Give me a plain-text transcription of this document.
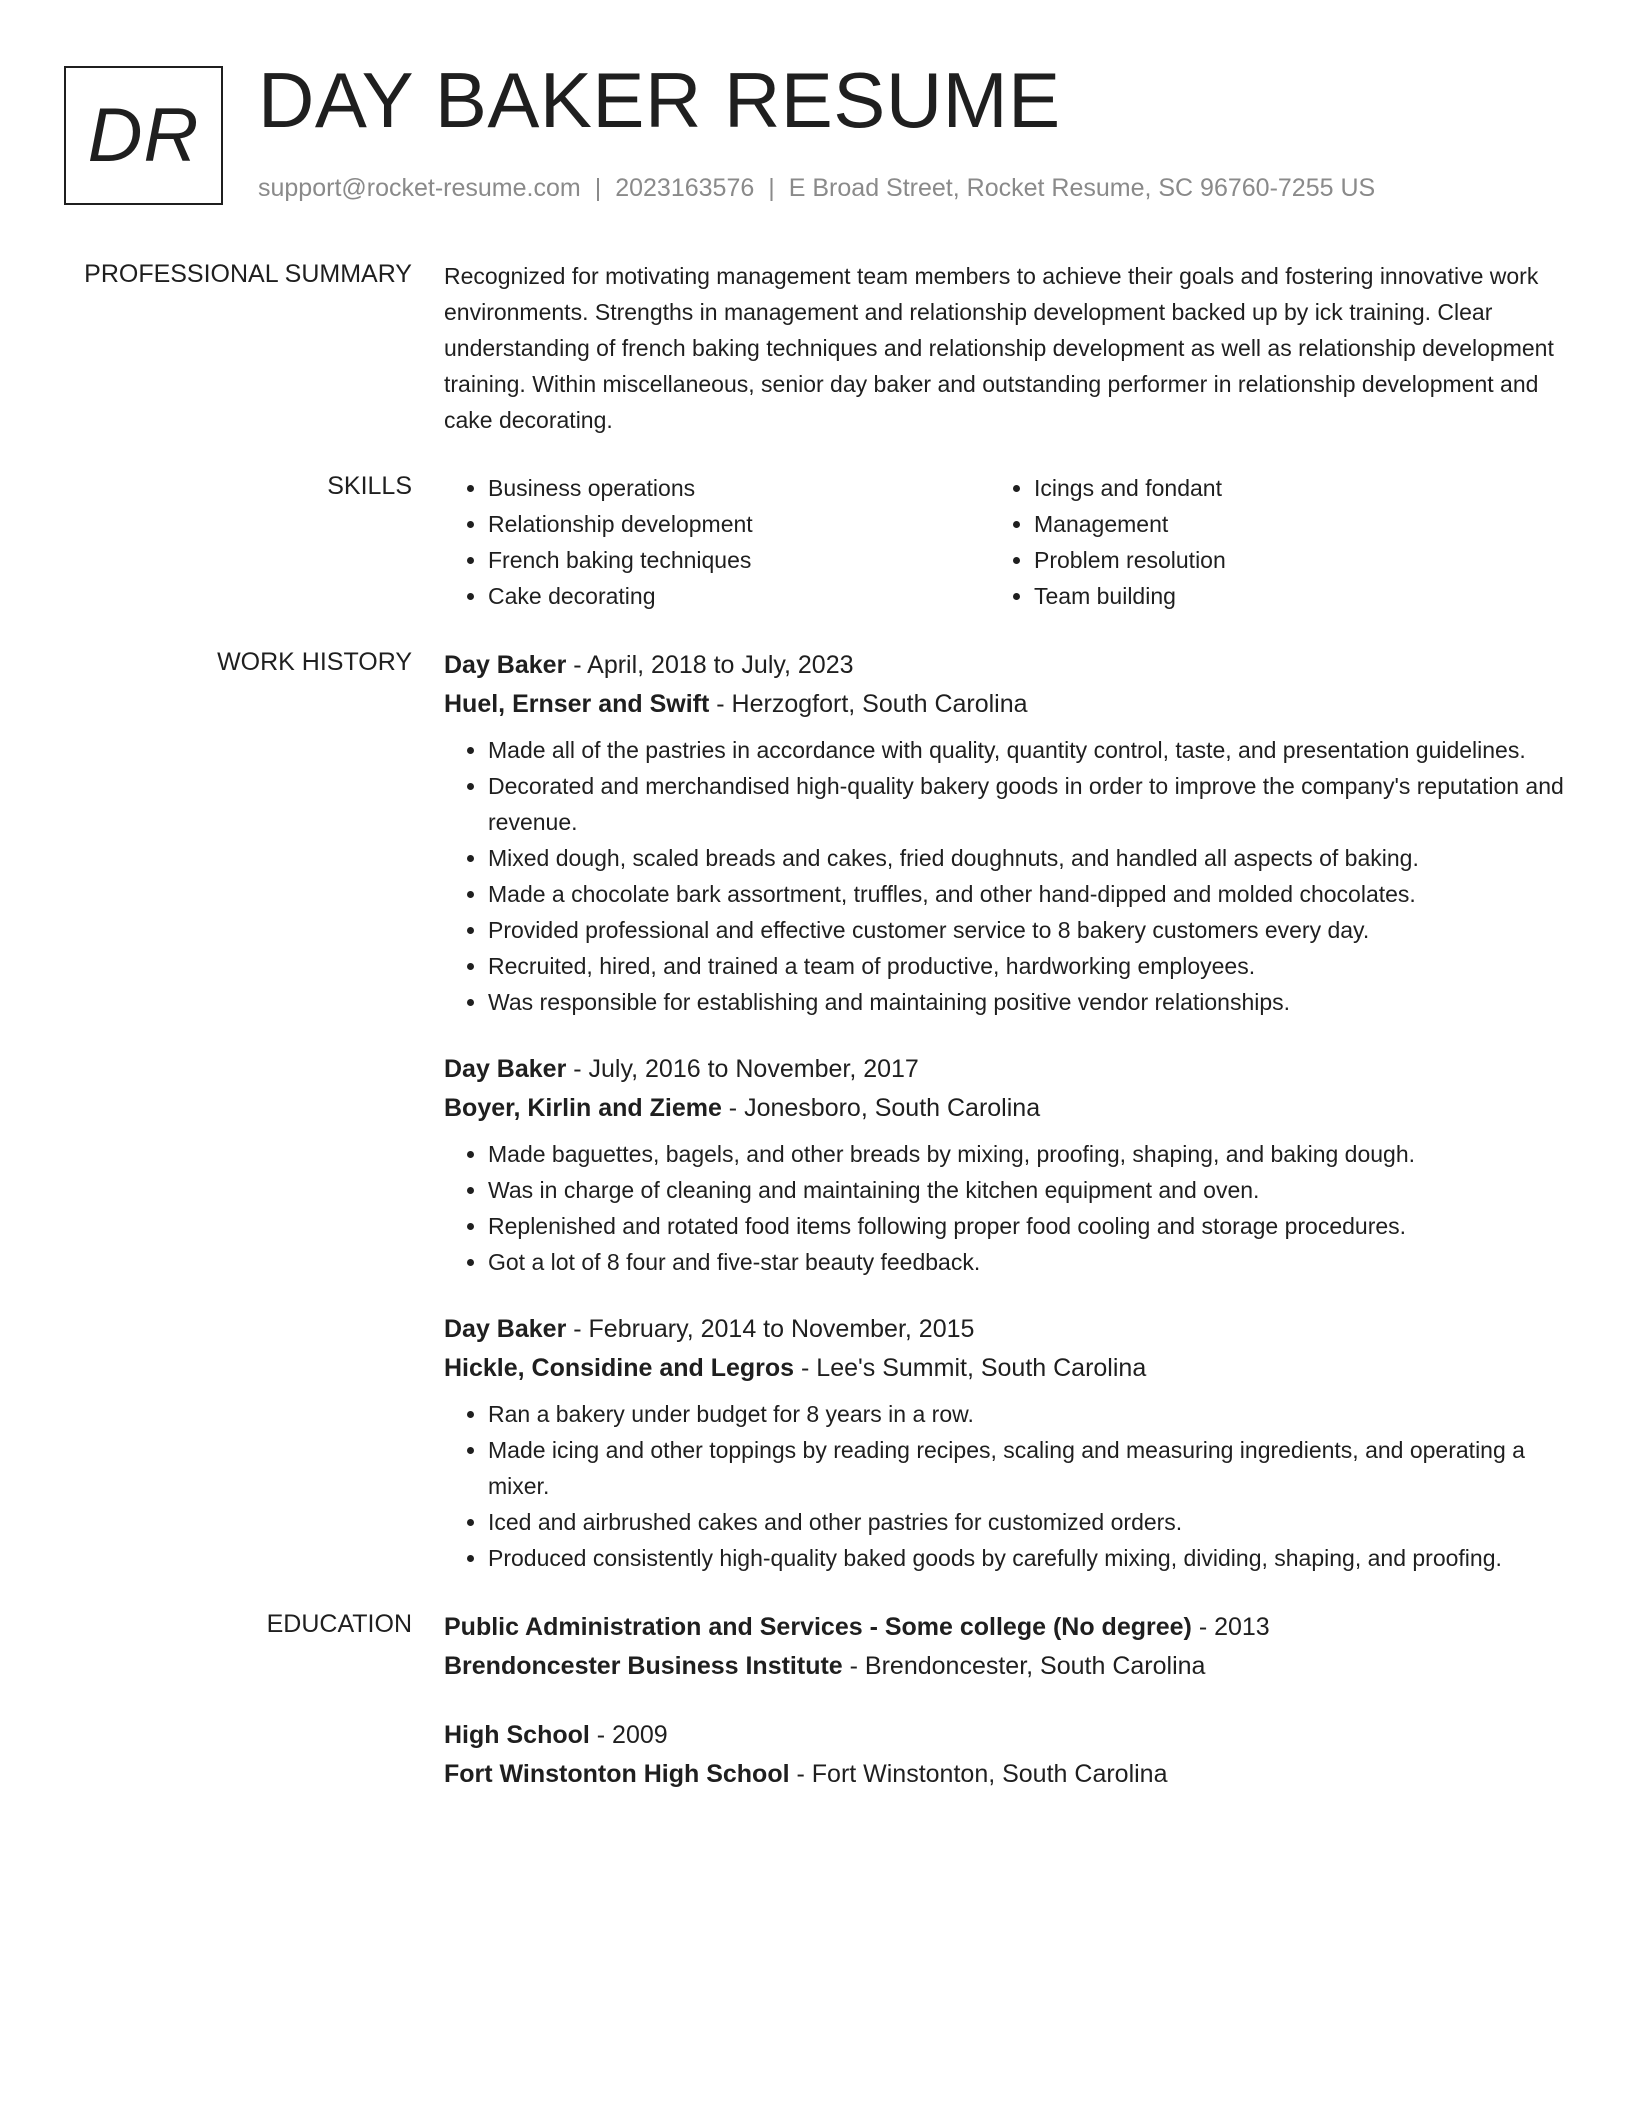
DR DAY BAKER RESUME
support@rocket-resume.com | 2023163576 | E Broad Street, Rocket Resume, SC 96760-7255 US
PROFESSIONAL SUMMARY Recognized for motivating management team members to achieve their goals and fostering innovative work environments. Strengths in management and relationship development backed up by ick training. Clear understanding of french baking techniques and relationship development as well as relationship development training. Within miscellaneous, senior day baker and outstanding performer in relationship development and cake decorating.

SKILLS
•	Business operations
• Relationship development
• French baking techniques
• Cake decorating
• Icings and fondant
• Management
• Problem resolution
• Team building
WORK HISTORY Day Baker - April, 2018 to July, 2023
Huel, Ernser and Swift - Herzogfort, South Carolina
• Made all of the pastries in accordance with quality, quantity control, taste, and presentation guidelines.
• Decorated and merchandised high-quality bakery goods in order to improve the company's reputation and revenue.
• Mixed dough, scaled breads and cakes, fried doughnuts, and handled all aspects of baking.
• Made a chocolate bark assortment, truffles, and other hand-dipped and molded chocolates.
• Provided professional and effective customer service to 8 bakery customers every day.
• Recruited, hired, and trained a team of productive, hardworking employees.
• Was responsible for establishing and maintaining positive vendor relationships.
Day Baker - July, 2016 to November, 2017
Boyer, Kirlin and Zieme - Jonesboro, South Carolina
• Made baguettes, bagels, and other breads by mixing, proofing, shaping, and baking dough.
• Was in charge of cleaning and maintaining the kitchen equipment and oven.
• Replenished and rotated food items following proper food cooling and storage procedures.
• Got a lot of 8 four and five-star beauty feedback.
Day Baker - February, 2014 to November, 2015
Hickle, Considine and Legros - Lee's Summit, South Carolina
• Ran a bakery under budget for 8 years in a row.
• Made icing and other toppings by reading recipes, scaling and measuring ingredients, and operating a mixer.
• Iced and airbrushed cakes and other pastries for customized orders.
• Produced consistently high-quality baked goods by carefully mixing, dividing, shaping, and proofing.
EDUCATION Public Administration and Services - Some college (No degree) - 2013
Brendoncester Business Institute - Brendoncester, South Carolina
High School - 2009
Fort Winstonton High School - Fort Winstonton, South Carolina
